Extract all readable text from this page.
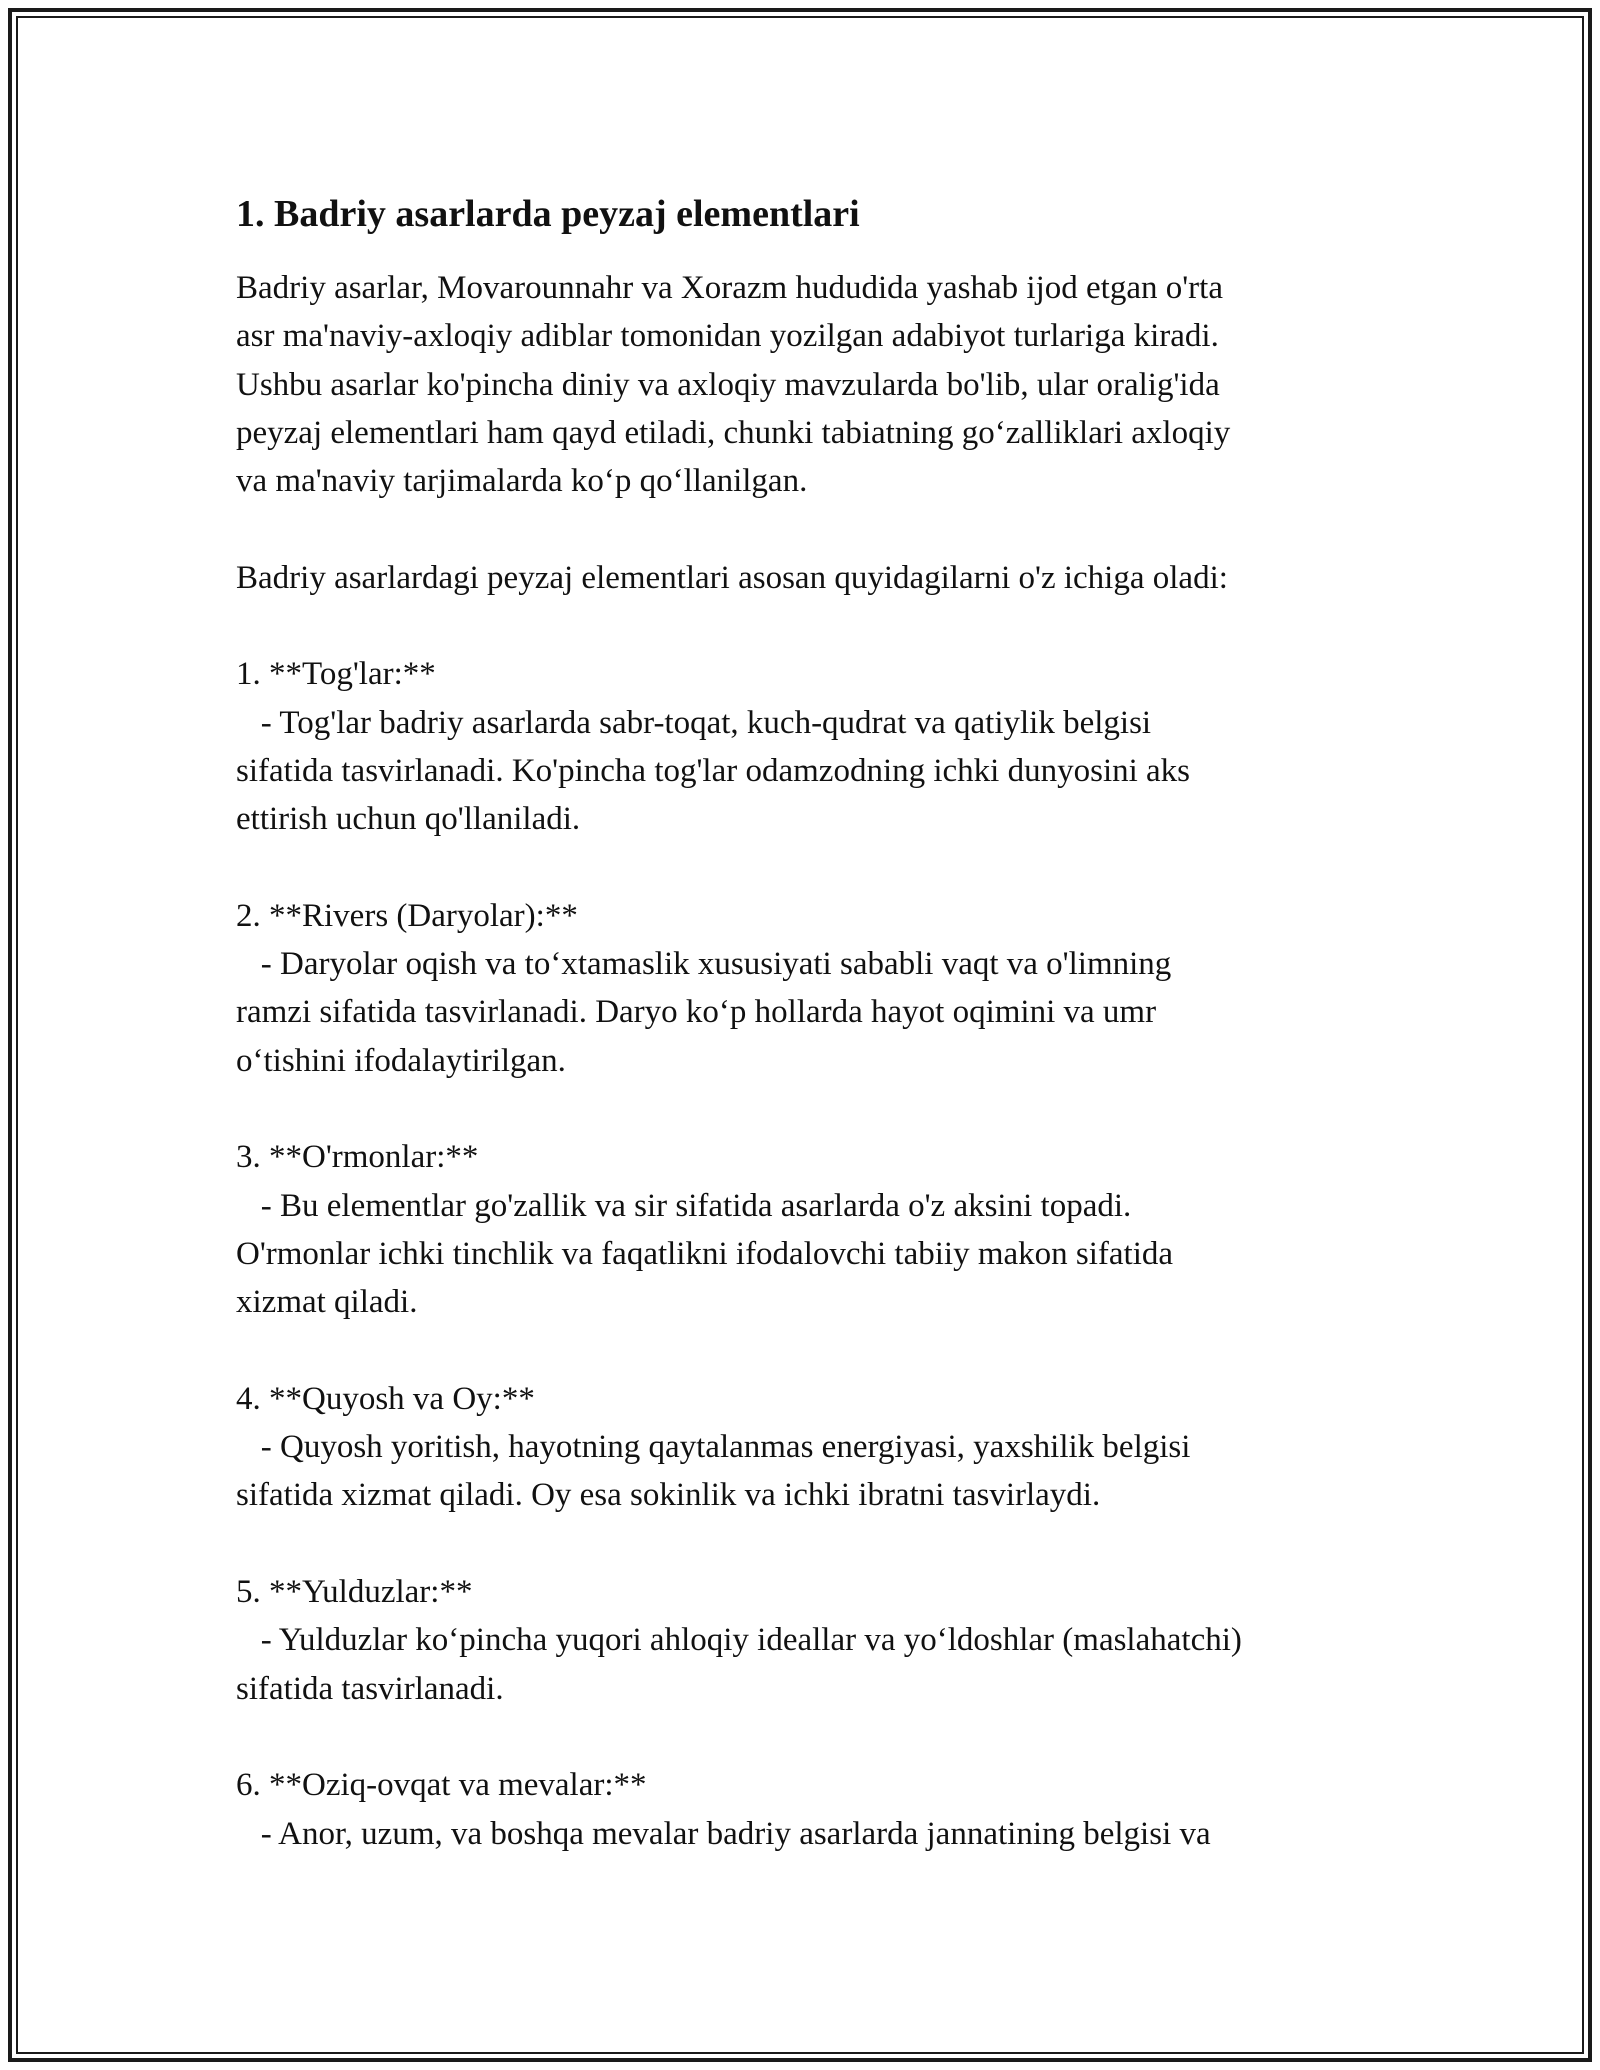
1. Badriy asarlarda peyzaj elementlari
Badriy asarlar, Movarounnahr va Xorazm hududida yashab ijod etgan o'rta
asr ma'naviy-axloqiy adiblar tomonidan yozilgan adabiyot turlariga kiradi.
Ushbu asarlar ko'pincha diniy va axloqiy mavzularda bo'lib, ular oralig'ida
peyzaj elementlari ham qayd etiladi, chunki tabiatning go‘zalliklari axloqiy
va ma'naviy tarjimalarda ko‘p qo‘llanilgan.
Badriy asarlardagi peyzaj elementlari asosan quyidagilarni o'z ichiga oladi:
1. **Tog'lar:**
- Tog'lar badriy asarlarda sabr-toqat, kuch-qudrat va qatiylik belgisi
sifatida tasvirlanadi. Ko'pincha tog'lar odamzodning ichki dunyosini aks
ettirish uchun qo'llaniladi.
2. **Rivers (Daryolar):**
- Daryolar oqish va to‘xtamaslik xususiyati sababli vaqt va o'limning
ramzi sifatida tasvirlanadi. Daryo ko‘p hollarda hayot oqimini va umr
o‘tishini ifodalaytirilgan.
3. **O'rmonlar:**
- Bu elementlar go'zallik va sir sifatida asarlarda o'z aksini topadi.
O'rmonlar ichki tinchlik va faqatlikni ifodalovchi tabiiy makon sifatida
xizmat qiladi.
4. **Quyosh va Oy:**
- Quyosh yoritish, hayotning qaytalanmas energiyasi, yaxshilik belgisi
sifatida xizmat qiladi. Oy esa sokinlik va ichki ibratni tasvirlaydi.
5. **Yulduzlar:**
- Yulduzlar ko‘pincha yuqori ahloqiy ideallar va yo‘ldoshlar (maslahatchi)
sifatida tasvirlanadi.
6. **Oziq-ovqat va mevalar:**
- Anor, uzum, va boshqa mevalar badriy asarlarda jannatining belgisi va
